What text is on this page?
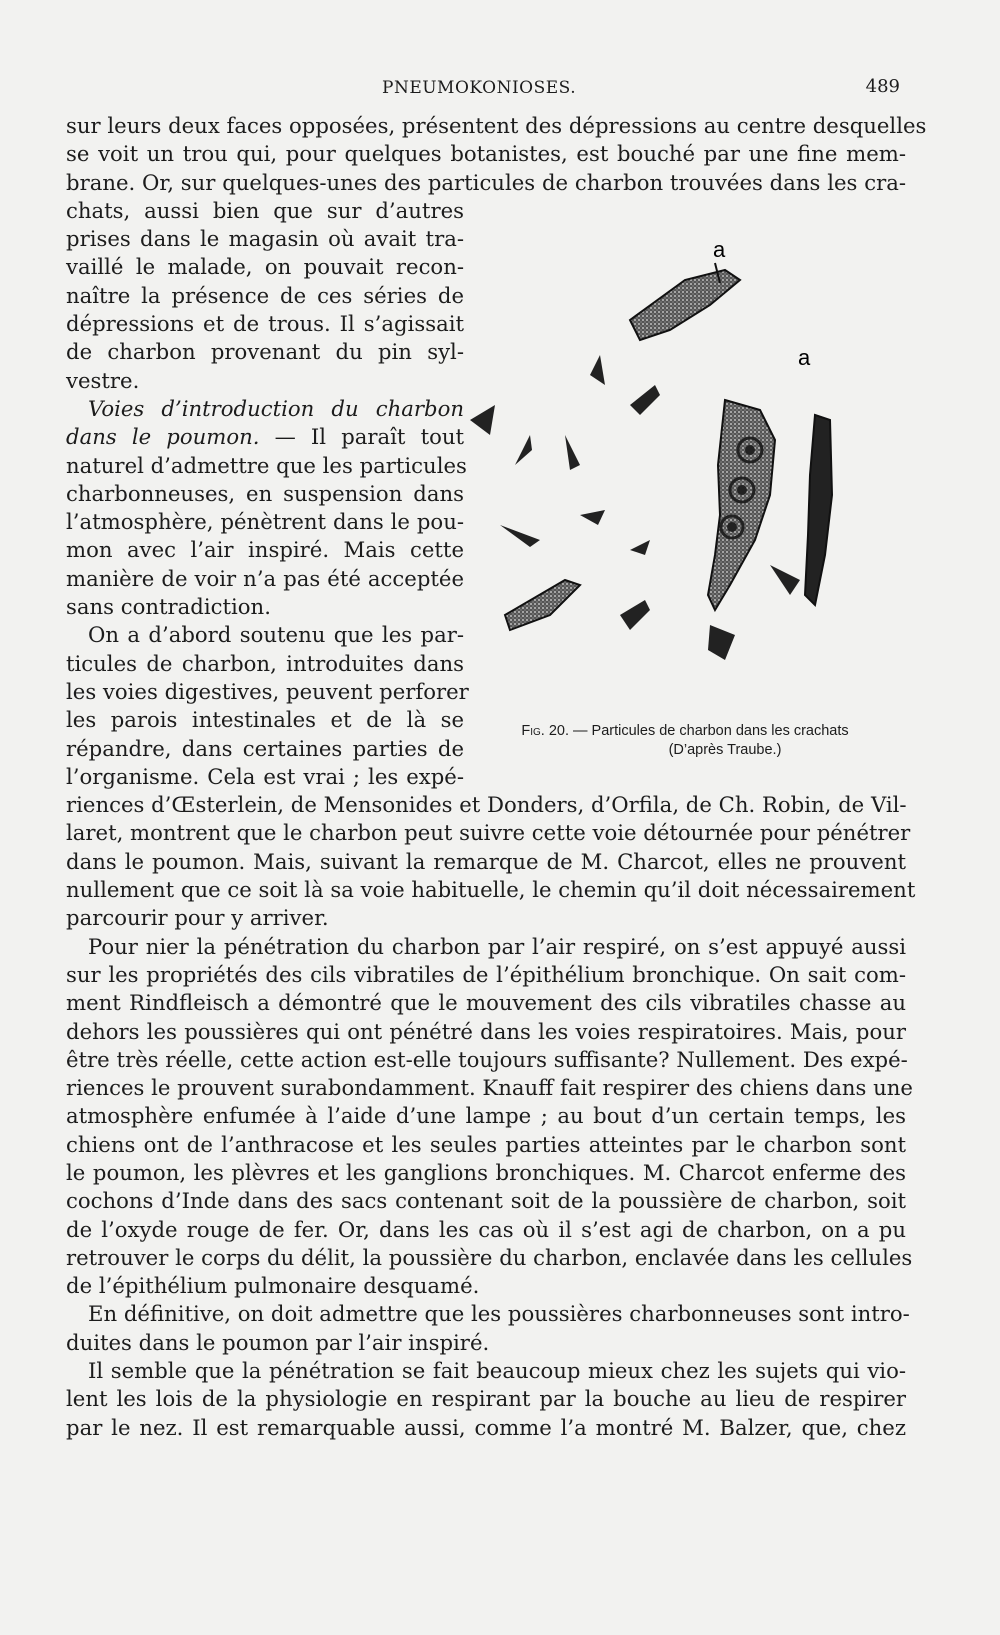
PNEUMOKONIOSES.	489
sur leurs deux faces opposées, présentent des dépressions au centre desquelles
se voit un trou qui, pour quelques botanistes, est bouché par une fine mem-
brane. Or, sur quelques-unes des particules de charbon trouvées dans les cra-
chats, aussi bien que sur d’autres
prises dans le magasin où avait tra-
vaillé le malade, on pouvait recon-
naître la présence de ces séries de
dépressions et de trous. Il s’agissait
de charbon provenant du pin syl-
vestre.
Voies d’introduction du charbon
dans le poumon. — Il paraît tout
naturel d’admettre que les particules
charbonneuses, en suspension dans
l’atmosphère, pénètrent dans le pou-
mon avec l’air inspiré. Mais cette
manière de voir n’a pas été acceptée
sans contradiction.
On a d’abord soutenu que les par-
ticules de charbon, introduites dans
les voies digestives, peuvent perforer
les parois intestinales et de là se
répandre, dans certaines parties de
l’organisme. Cela est vrai ; les expé-
riences d’Œsterlein, de Mensonides et Donders, d’Orfila, de Ch. Robin, de Vil-
laret, montrent que le charbon peut suivre cette voie détournée pour pénétrer
dans le poumon. Mais, suivant la remarque de M. Charcot, elles ne prouvent
nullement que ce soit là sa voie habituelle, le chemin qu’il doit nécessairement
parcourir pour y arriver.
Pour nier la pénétration du charbon par l’air respiré, on s’est appuyé aussi
sur les propriétés des cils vibratiles de l’épithélium bronchique. On sait com-
ment Rindfleisch a démontré que le mouvement des cils vibratiles chasse au
dehors les poussières qui ont pénétré dans les voies respiratoires. Mais, pour
être très réelle, cette action est-elle toujours suffisante? Nullement. Des expé-
riences le prouvent surabondamment. Knauff fait respirer des chiens dans une
atmosphère enfumée à l’aide d’une lampe ; au bout d’un certain temps, les
chiens ont de l’anthracose et les seules parties atteintes par le charbon sont
le poumon, les plèvres et les ganglions bronchiques. M. Charcot enferme des
cochons d’Inde dans des sacs contenant soit de la poussière de charbon, soit
de l’oxyde rouge de fer. Or, dans les cas où il s’est agi de charbon, on a pu
retrouver le corps du délit, la poussière du charbon, enclavée dans les cellules
de l’épithélium pulmonaire desquamé.
En définitive, on doit admettre que les poussières charbonneuses sont intro-
duites dans le poumon par l’air inspiré.
Il semble que la pénétration se fait beaucoup mieux chez les sujets qui vio-
lent les lois de la physiologie en respirant par la bouche au lieu de respirer
par le nez. Il est remarquable aussi, comme l’a montré M. Balzer, que, chez
a
a
Fig. 20. — Particules de charbon dans les crachats
(D’après Traube.)
